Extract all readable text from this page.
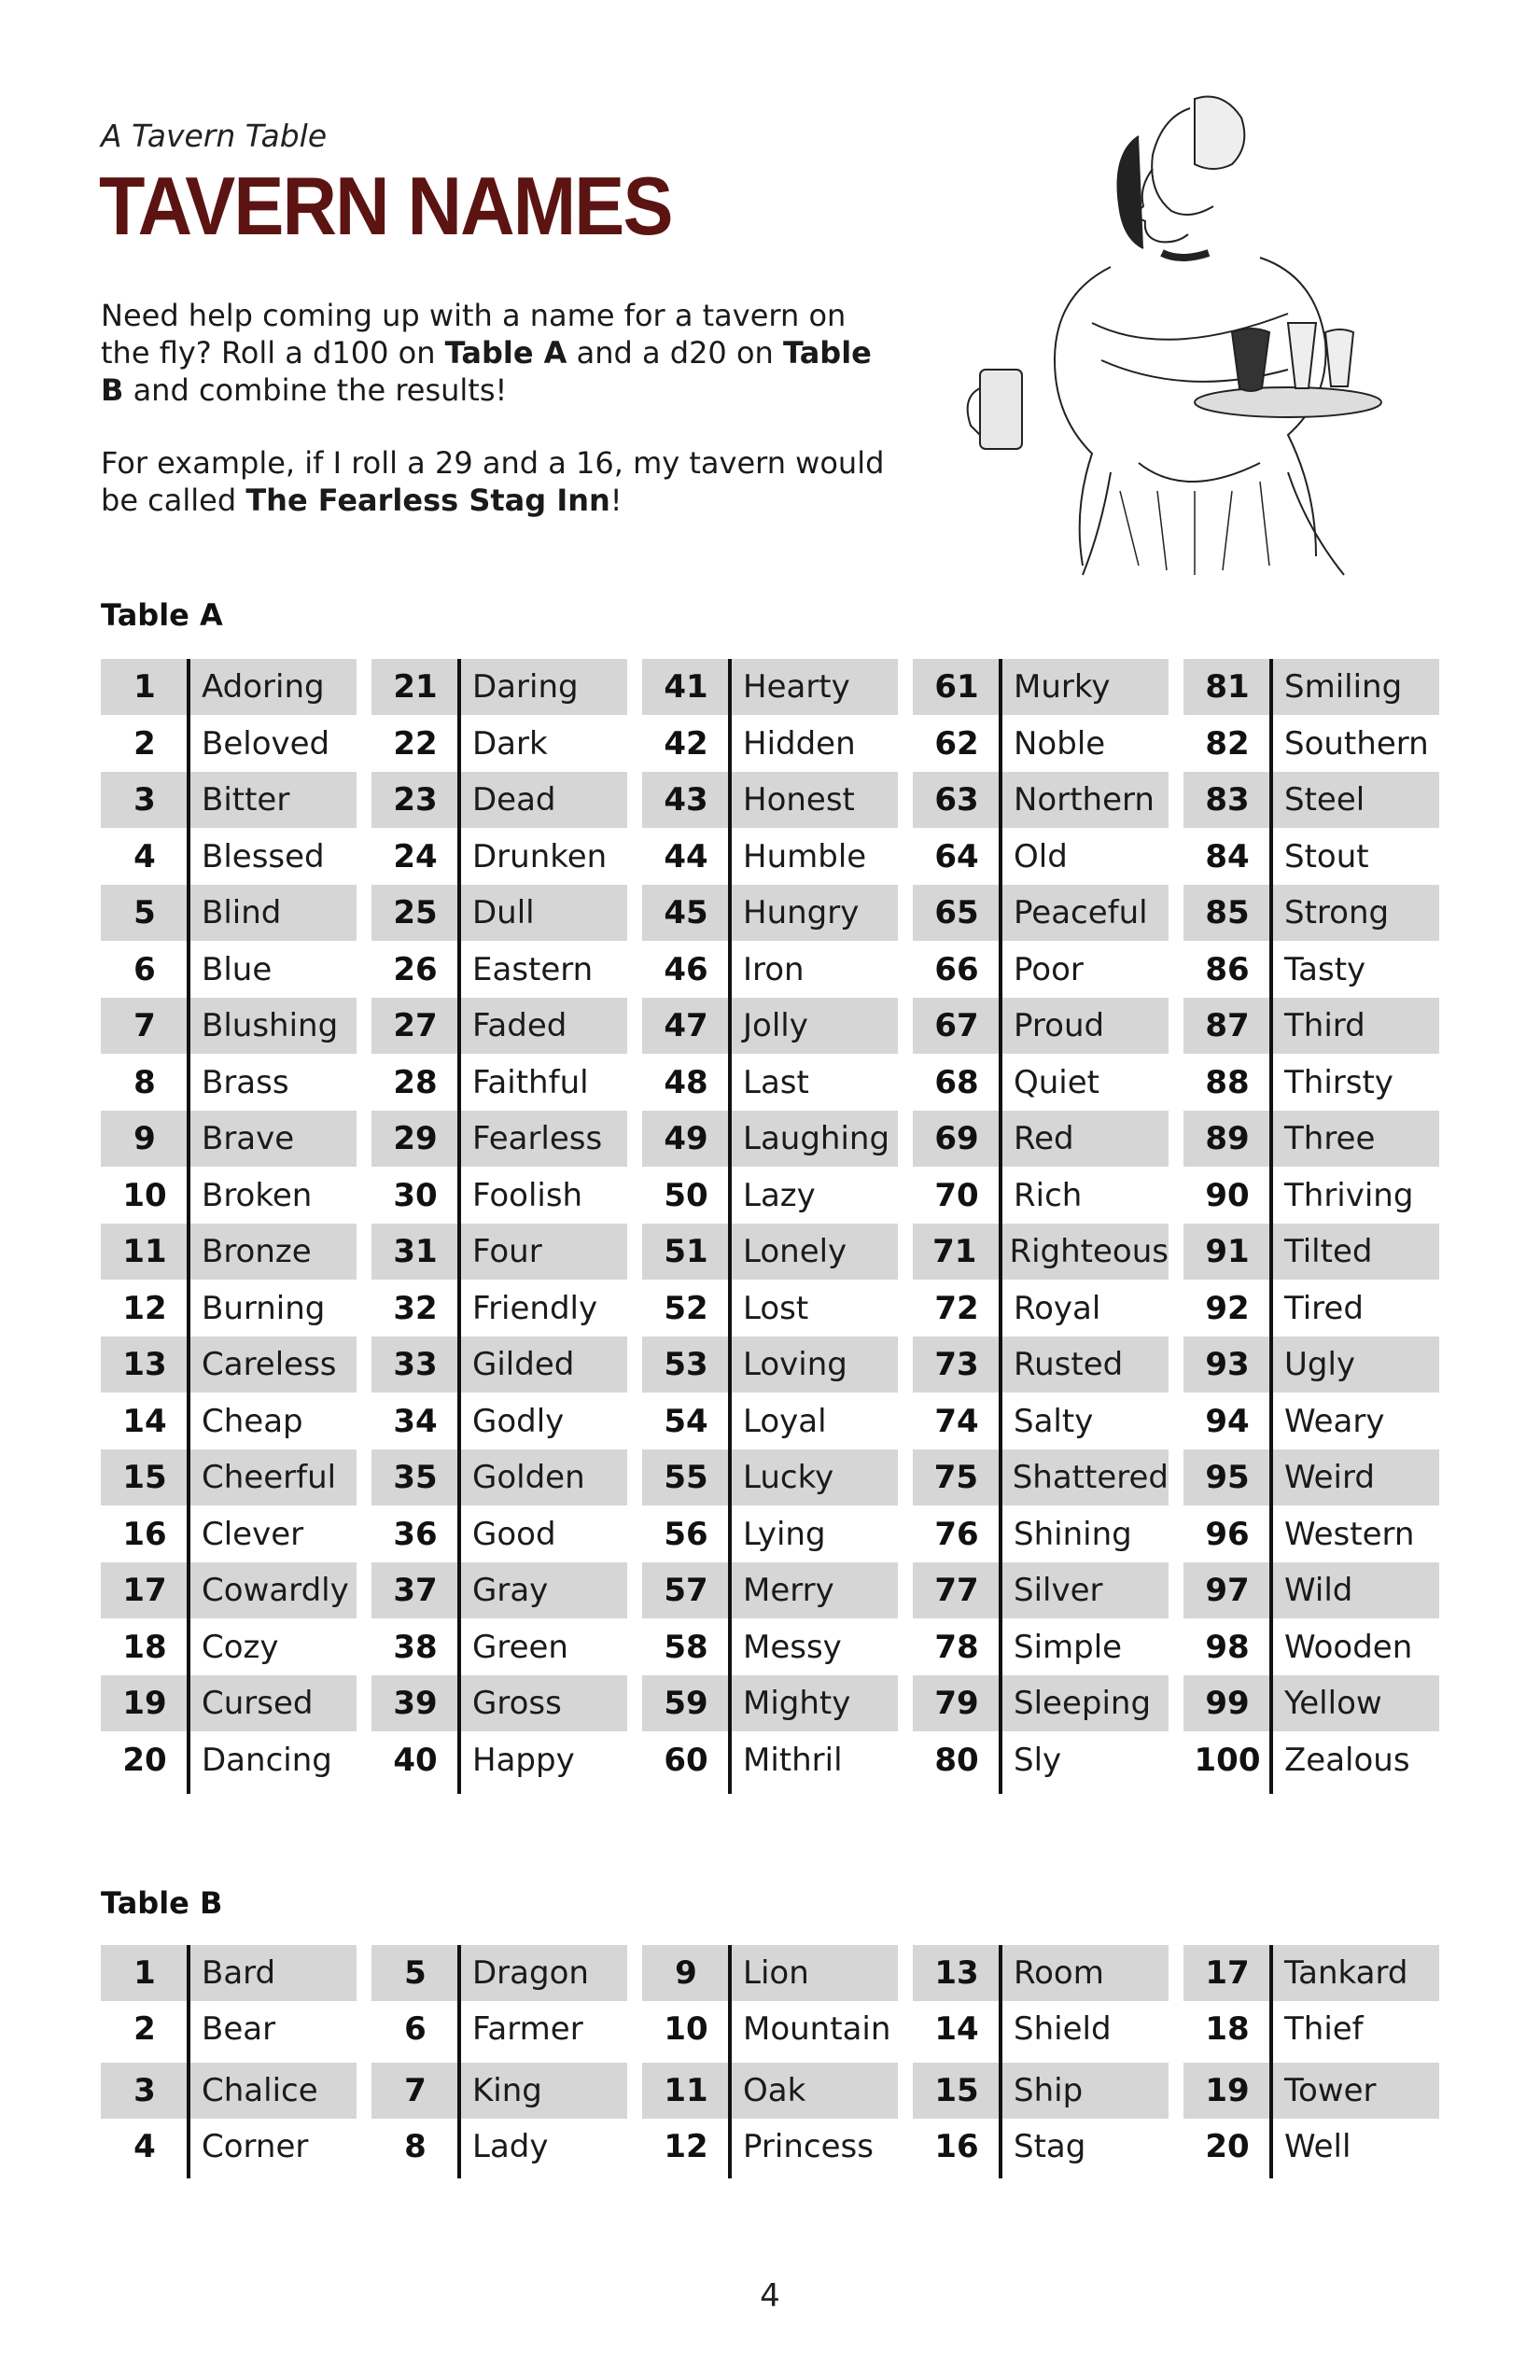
A Tavern Table
TAVERN NAMES

Need help coming up with a name for a tavern on the fly? Roll a d100 on Table A and a d20 on Table B and combine the results!

For example, if I roll a 29 and a 16, my tavern would be called The Fearless Stag Inn!

Table A
1	Adoring
2	Beloved
3	Bitter
4	Blessed
5	Blind
6	Blue
7	Blushing
8	Brass
9	Brave
10	Broken
11	Bronze
12	Burning
13	Careless
14	Cheap
15	Cheerful
16	Clever
17	Cowardly
18	Cozy
19	Cursed
20	Dancing
21	Daring
22	Dark
23	Dead
24	Drunken
25	Dull
26	Eastern
27	Faded
28	Faithful
29	Fearless
30	Foolish
31	Four
32	Friendly
33	Gilded
34	Godly
35	Golden
36	Good
37	Gray
38	Green
39	Gross
40	Happy
41	Hearty
42	Hidden
43	Honest
44	Humble
45	Hungry
46	Iron
47	Jolly
48	Last
49	Laughing
50	Lazy
51	Lonely
52	Lost
53	Loving
54	Loyal
55	Lucky
56	Lying
57	Merry
58	Messy
59	Mighty
60	Mithril
61	Murky
62	Noble
63	Northern
64	Old
65	Peaceful
66	Poor
67	Proud
68	Quiet
69	Red
70	Rich
71	Righteous
72	Royal
73	Rusted
74	Salty
75	Shattered
76	Shining
77	Silver
78	Simple
79	Sleeping
80	Sly
81	Smiling
82	Southern
83	Steel
84	Stout
85	Strong
86	Tasty
87	Third
88	Thirsty
89	Three
90	Thriving
91	Tilted
92	Tired
93	Ugly
94	Weary
95	Weird
96	Western
97	Wild
98	Wooden
99	Yellow
100 Zealous
Table B
1	Bard
2	Bear
3	Chalice
4	Corner
5	Dragon
6	Farmer
7	King
8	Lady
9	Lion
10	Mountain
11	Oak
12	Princess
13	Room
14	Shield
15	Ship
16	Stag
17	Tankard
18	Thief
19	Tower
20	Well
4
